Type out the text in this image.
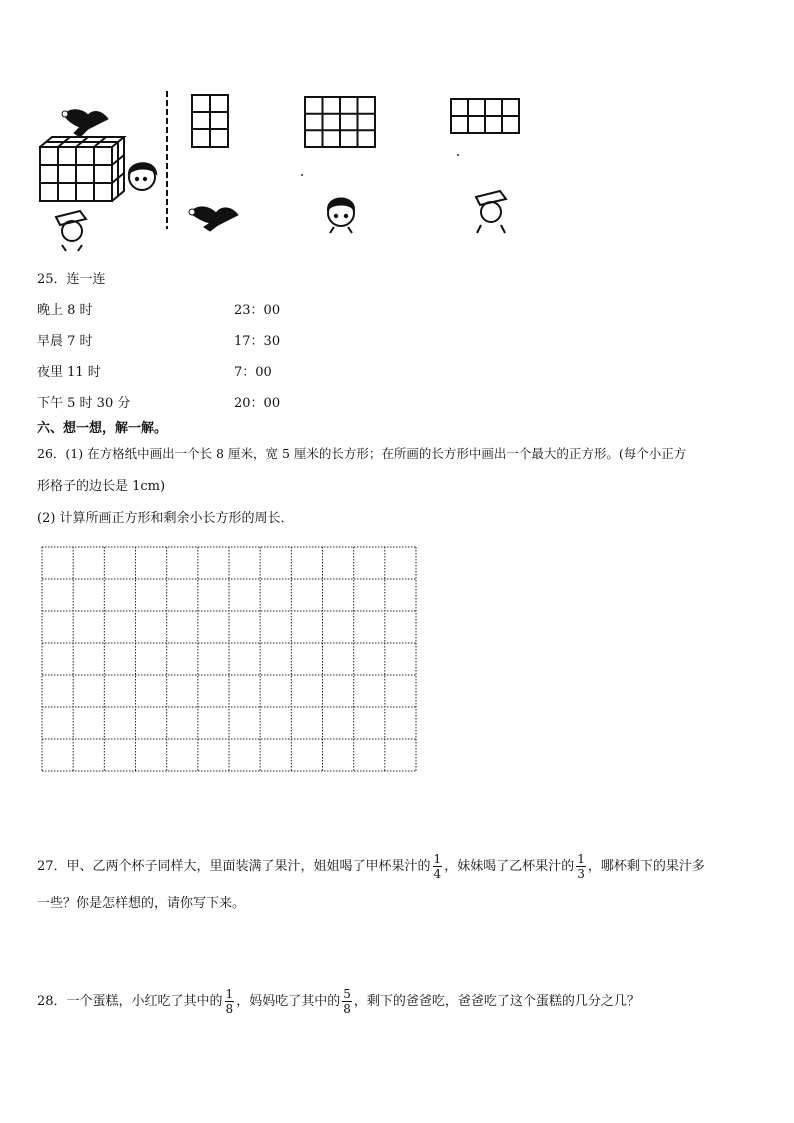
25．连一连
晚上 8 时
早晨 7 时
夜里 11 时
下午 5 时 30 分
23：00
17：30
7：00
20：00
六、想一想，解一解。
26．(1) 在方格纸中画出一个长 8 厘米，宽 5 厘米的长方形；在所画的长方形中画出一个最大的正方形。(每个小正方
形格子的边长是 1cm)
(2) 计算所画正方形和剩余小长方形的周长．
27．甲、乙两个杯子同样大，里面装满了果汁，姐姐喝了甲杯果汁的 $\frac{1}{4}$ ，妹妹喝了乙杯果汁的 $\frac{1}{3}$ ，哪杯剩下的果汁多
一些？你是怎样想的，请你写下来。
28．一个蛋糕，小红吃了其中的 $\frac{1}{8}$ ，妈妈吃了其中的 $\frac{5}{8}$ ，剩下的爸爸吃，爸爸吃了这个蛋糕的几分之几？
